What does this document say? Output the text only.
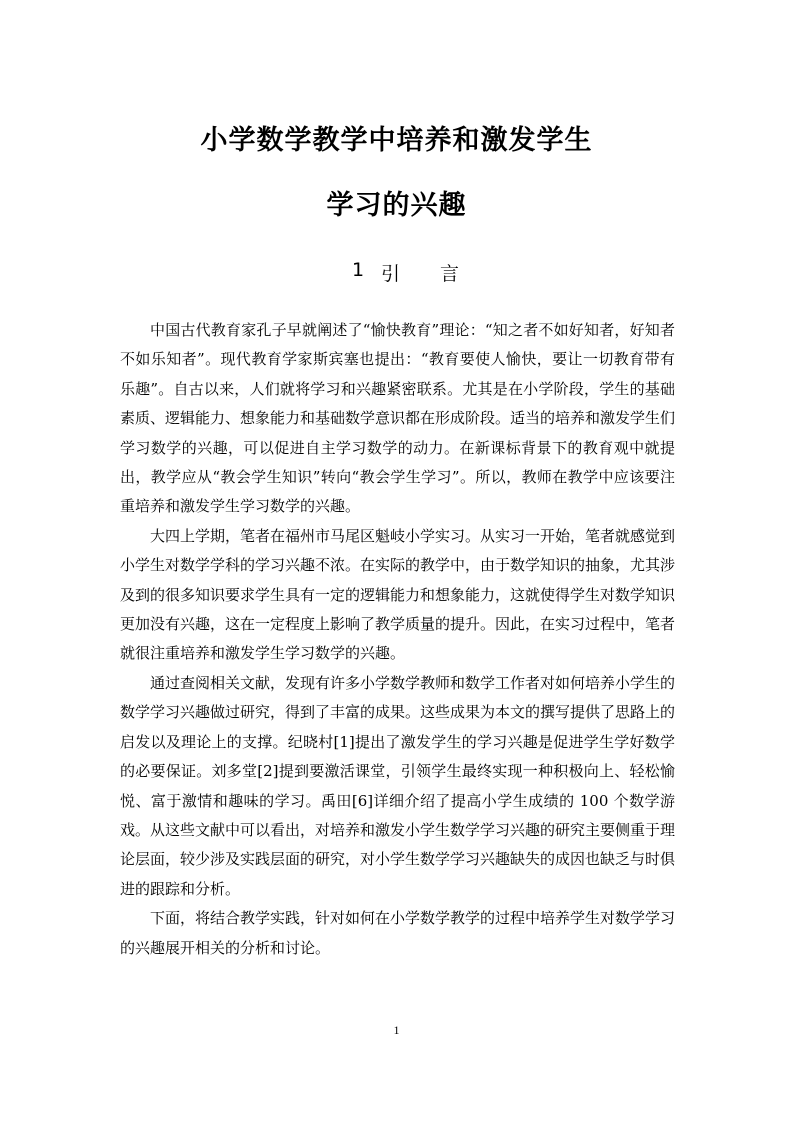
小学数学教学中培养和激发学生
学习的兴趣
1 引 言

中国古代教育家孔子早就阐述了“愉快教育”理论：“知之者不如好知者，好知者不如乐知者”。现代教育学家斯宾塞也提出：“教育要使人愉快，要让一切教育带有乐趣”。自古以来，人们就将学习和兴趣紧密联系。尤其是在小学阶段，学生的基础素质、逻辑能力、想象能力和基础数学意识都在形成阶段。适当的培养和激发学生们学习数学的兴趣，可以促进自主学习数学的动力。在新课标背景下的教育观中就提出，教学应从“教会学生知识”转向“教会学生学习”。所以，教师在教学中应该要注重培养和激发学生学习数学的兴趣。

大四上学期，笔者在福州市马尾区魁岐小学实习。从实习一开始，笔者就感觉到小学生对数学学科的学习兴趣不浓。在实际的教学中，由于数学知识的抽象，尤其涉及到的很多知识要求学生具有一定的逻辑能力和想象能力，这就使得学生对数学知识更加没有兴趣，这在一定程度上影响了教学质量的提升。因此，在实习过程中，笔者就很注重培养和激发学生学习数学的兴趣。

通过查阅相关文献，发现有许多小学数学教师和数学工作者对如何培养小学生的数学学习兴趣做过研究，得到了丰富的成果。这些成果为本文的撰写提供了思路上的启发以及理论上的支撑。纪晓村[1]提出了激发学生的学习兴趣是促进学生学好数学的必要保证。刘多堂[2]提到要激活课堂，引领学生最终实现一种积极向上、轻松愉悦、富于激情和趣味的学习。禹田[6]详细介绍了提高小学生成绩的 100 个数学游戏。从这些文献中可以看出，对培养和激发小学生数学学习兴趣的研究主要侧重于理论层面，较少涉及实践层面的研究，对小学生数学学习兴趣缺失的成因也缺乏与时俱进的跟踪和分析。

下面，将结合教学实践，针对如何在小学数学教学的过程中培养学生对数学学习的兴趣展开相关的分析和讨论。

1
